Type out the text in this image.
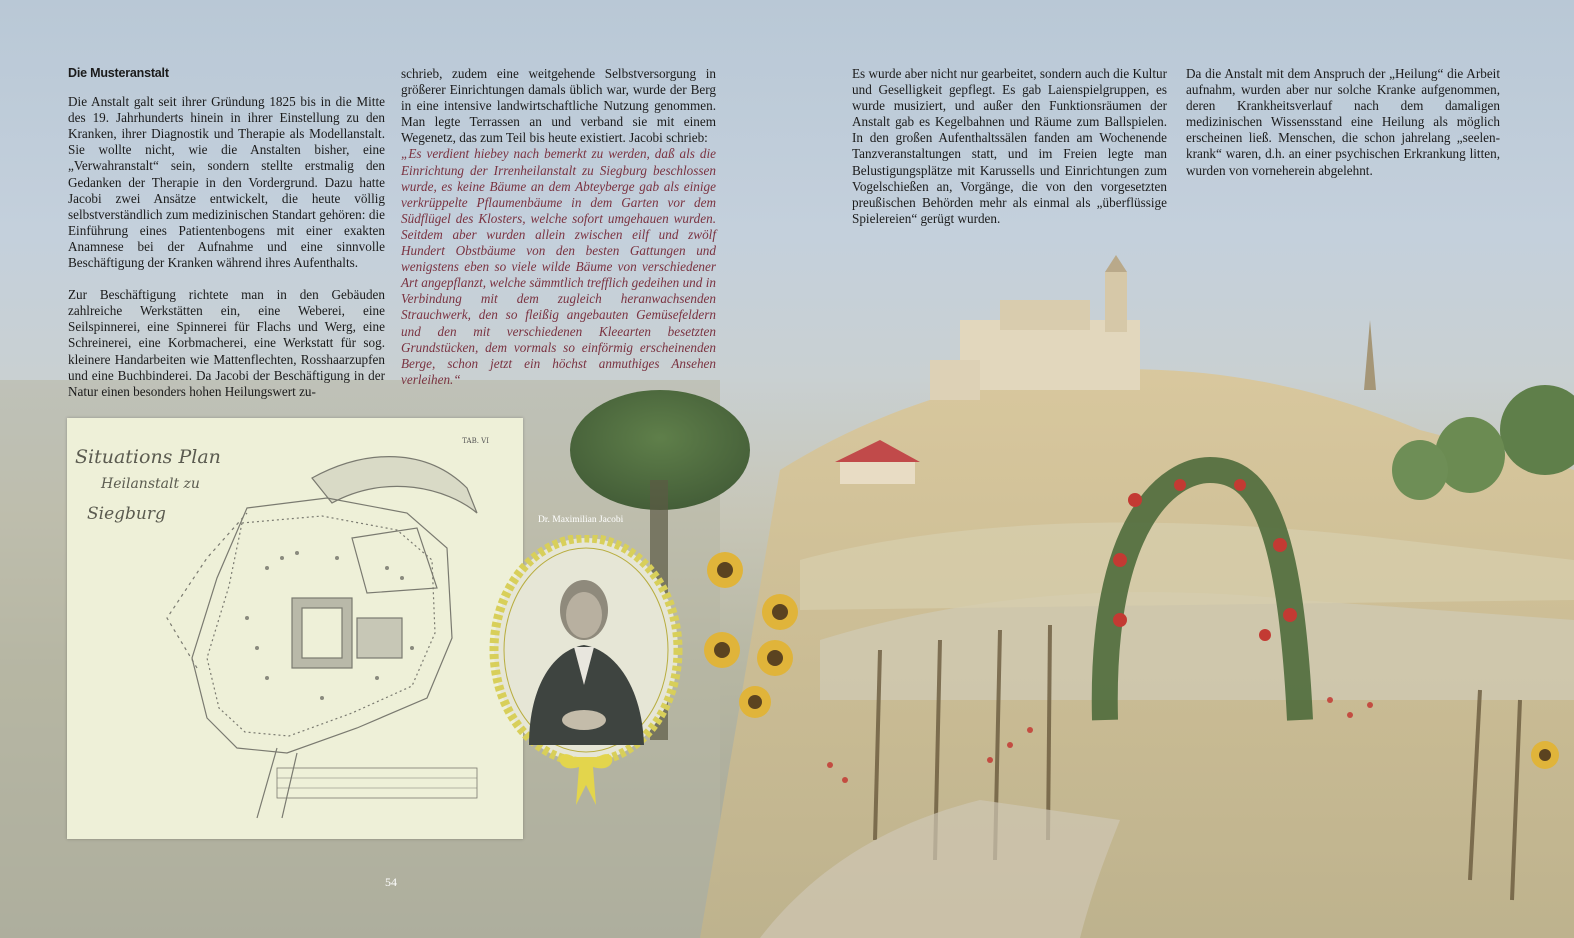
Die Musteranstalt

Die Anstalt galt seit ihrer Gründung 1825 bis in die Mitte des 19. Jahrhunderts hinein in ihrer Einstellung zu den Kranken, ihrer Diagnostik und Therapie als Modellanstalt. Sie wollte nicht, wie die Anstalten bisher, eine „Verwahranstalt“ sein, sondern stellte erstmalig den Gedanken der Therapie in den Vordergrund. Dazu hatte Jacobi zwei Ansätze entwickelt, die heute völlig selbstverständlich zum medizinischen Standart gehören: die Einführung eines Patientenbogens mit einer exakten Anamnese bei der Aufnahme und eine sinnvolle Beschäftigung der Kranken während ihres Aufenthalts.

Zur Beschäftigung richtete man in den Gebäuden zahlreiche Werkstätten ein, eine Weberei, eine Seilspinnerei, eine Spinnerei für Flachs und Werg, eine Schreinerei, eine Korbmacherei, eine Werkstatt für sog. kleinere Handarbeiten wie Mattenflechten, Rosshaarzupfen und eine Buchbinderei. Da Jacobi der Beschäftigung in der Natur einen besonders hohen Heilungswert zu-

schrieb, zudem eine weitgehende Selbstversorgung in größerer Einrichtungen damals üblich war, wurde der Berg in eine intensive landwirtschaftliche Nutzung genommen. Man legte Terrassen an und verband sie mit einem Wegenetz, das zum Teil bis heute existiert. Jacobi schrieb:

„Es verdient hiebey nach bemerkt zu werden, daß als die Einrichtung der Irrenheilanstalt zu Siegburg beschlossen wurde, es keine Bäume an dem Abteyberge gab als einige verkrüppelte Pflaumenbäume in dem Garten vor dem Südflügel des Klosters, welche sofort umgehauen wurden. Seitdem aber wurden allein zwischen eilf und zwölf Hundert Obstbäume von den besten Gattungen und wenigstens eben so viele wilde Bäume von verschiedener Art angepflanzt, welche sämmtlich trefflich gedeihen und in Verbindung mit dem zugleich heranwachsenden Strauchwerk, den so fleißig angebauten Gemüsefeldern und den mit verschiedenen Kleearten besetzten Grundstücken, dem vormals so einförmig erscheinenden Berge, schon jetzt ein höchst anmuthiges Ansehen verleihen.“

Es wurde aber nicht nur gearbeitet, sondern auch die Kultur und Geselligkeit gepflegt. Es gab Laienspielgruppen, es wurde musiziert, und außer den Funktionsräumen der Anstalt gab es Kegelbahnen und Räume zum Ballspielen. In den großen Aufenthaltssälen fanden am Wochenende Tanzveranstaltungen statt, und im Freien legte man Belustigungsplätze mit Karussells und Einrichtungen zum Vogelschießen an, Vorgänge, die von den vorgesetzten preußischen Behörden mehr als einmal als „überflüssige Spielereien“ gerügt wurden.

Da die Anstalt mit dem Anspruch der „Heilung“ die Arbeit aufnahm, wurden aber nur solche Kranke aufgenommen, deren Krankheitsverlauf nach dem damaligen medizinischen Wissensstand eine Heilung als möglich erscheinen ließ. Menschen, die schon jahrelang „seelen-krank“ waren, d.h. an einer psychischen Erkrankung litten, wurden von vorneherein abgelehnt.

Situations Plan
Heilanstalt zu
Siegburg
TAB. VI
Dr. Maximilian Jacobi
54
